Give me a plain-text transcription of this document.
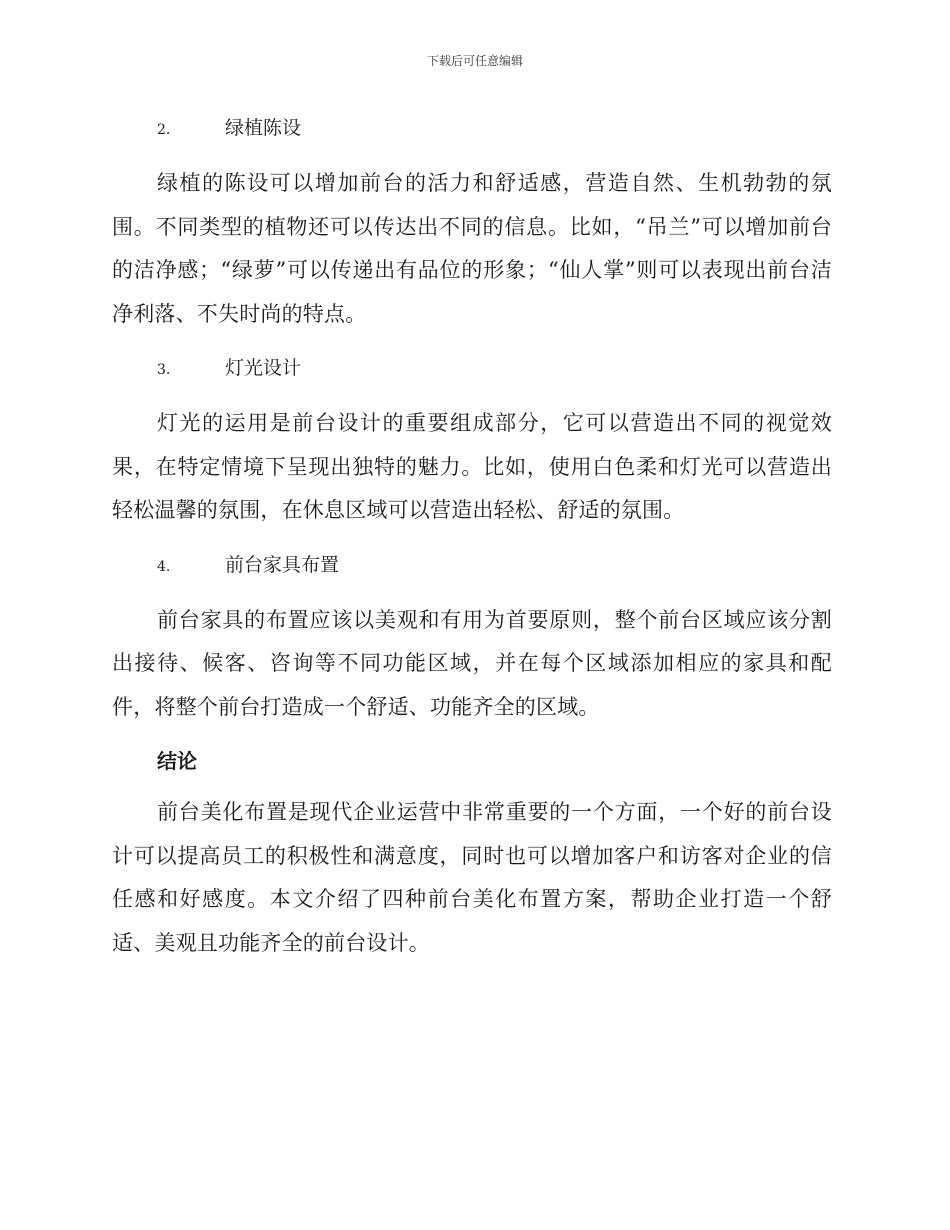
下载后可任意编辑
2.	绿植陈设

绿植的陈设可以增加前台的活力和舒适感，营造自然、生机勃勃的氛围。不同类型的植物还可以传达出不同的信息。比如，“吊兰”可以增加前台的洁净感；“绿萝”可以传递出有品位的形象；“仙人掌”则可以表现出前台洁净利落、不失时尚的特点。

3.	灯光设计

灯光的运用是前台设计的重要组成部分，它可以营造出不同的视觉效果，在特定情境下呈现出独特的魅力。比如，使用白色柔和灯光可以营造出轻松温馨的氛围，在休息区域可以营造出轻松、舒适的氛围。

4.	前台家具布置

前台家具的布置应该以美观和有用为首要原则，整个前台区域应该分割出接待、候客、咨询等不同功能区域，并在每个区域添加相应的家具和配件，将整个前台打造成一个舒适、功能齐全的区域。

结论

前台美化布置是现代企业运营中非常重要的一个方面，一个好的前台设计可以提高员工的积极性和满意度，同时也可以增加客户和访客对企业的信任感和好感度。本文介绍了四种前台美化布置方案，帮助企业打造一个舒适、美观且功能齐全的前台设计。
